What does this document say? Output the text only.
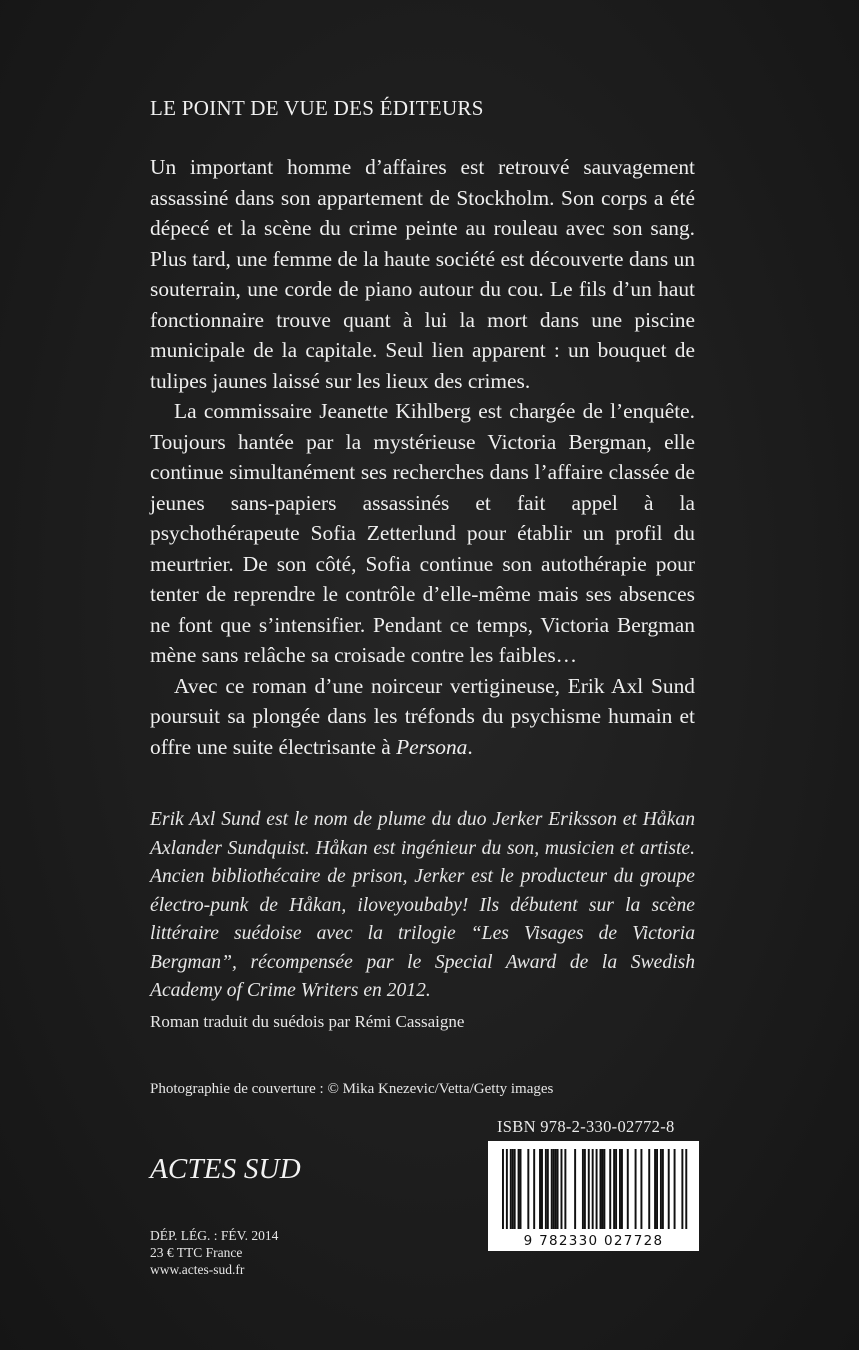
LE POINT DE VUE DES ÉDITEURS

Un important homme d’affaires est retrouvé sauvagement assassiné dans son appartement de Stockholm. Son corps a été dépecé et la scène du crime peinte au rouleau avec son sang. Plus tard, une femme de la haute société est découverte dans un souterrain, une corde de piano autour du cou. Le fils d’un haut fonctionnaire trouve quant à lui la mort dans une piscine municipale de la capitale. Seul lien apparent : un bouquet de tulipes jaunes laissé sur les lieux des crimes.

La commissaire Jeanette Kihlberg est chargée de l’enquête. Toujours hantée par la mystérieuse Victoria Bergman, elle continue simultanément ses recherches dans l’affaire classée de jeunes sans-papiers assassinés et fait appel à la psychothérapeute Sofia Zetterlund pour établir un profil du meurtrier. De son côté, Sofia continue son autothérapie pour tenter de reprendre le contrôle d’elle-même mais ses absences ne font que s’intensifier. Pendant ce temps, Victoria Bergman mène sans relâche sa croisade contre les faibles…

Avec ce roman d’une noirceur vertigineuse, Erik Axl Sund poursuit sa plongée dans les tréfonds du psychisme humain et offre une suite électrisante à Persona.

Erik Axl Sund est le nom de plume du duo Jerker Eriksson et Håkan Axlander Sundquist. Håkan est ingénieur du son, musicien et artiste. Ancien bibliothécaire de prison, Jerker est le producteur du groupe électro-punk de Håkan, iloveyoubaby! Ils débutent sur la scène littéraire suédoise avec la trilogie “Les Visages de Victoria Bergman”, récompensée par le Special Award de la Swedish Academy of Crime Writers en 2012.

Roman traduit du suédois par Rémi Cassaigne
Photographie de couverture : © Mika Knezevic/Vetta/Getty images
ISBN 978-2-330-02772-8
9 782330 027728
ACTES SUD
DÉP. LÉG. : FÉV. 2014
23 € TTC France
www.actes-sud.fr
